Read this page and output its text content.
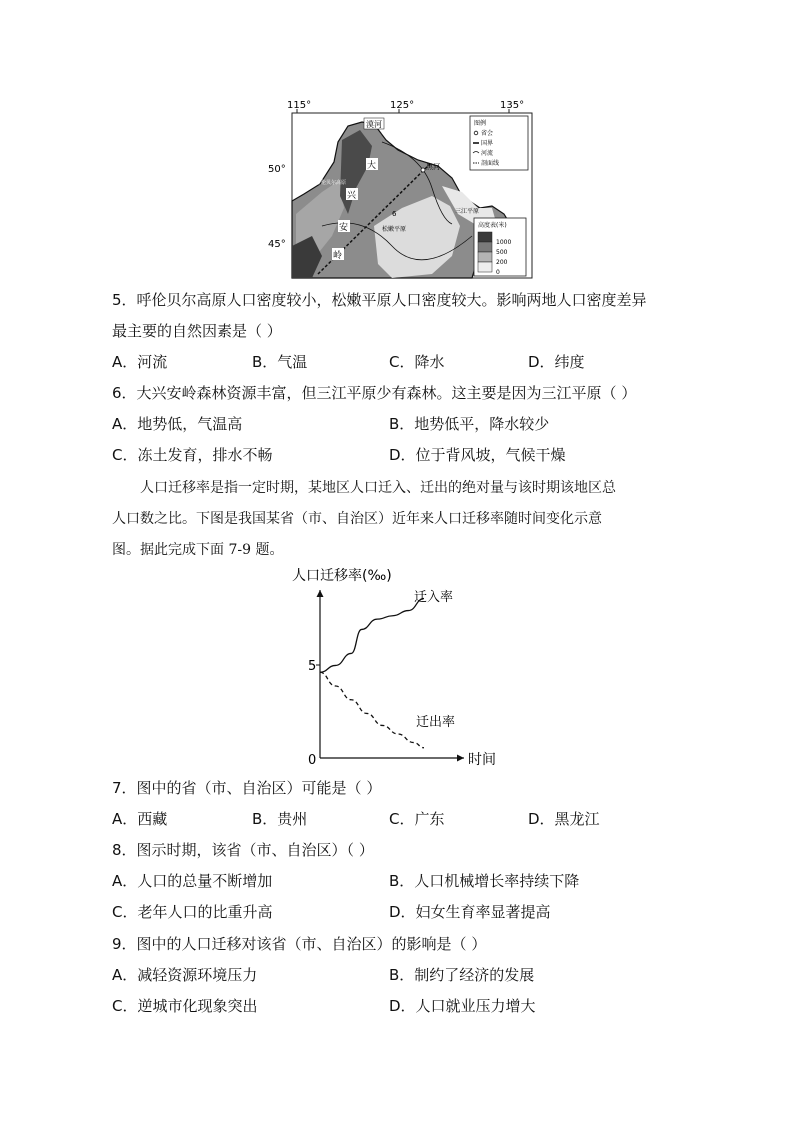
115°	125°	135°
50°
45°
漠河
大
兴
安
岭
黑河
呼伦贝尔高原
松嫩平原
三江平原
6
图例
省会
国界
河流
剖面线
高度表(米)
1000
500
200
0
5．呼伦贝尔高原人口密度较小，松嫩平原人口密度较大。影响两地人口密度差异
最主要的自然因素是（ ）
A．河流	B．气温	C．降水	D．纬度
6．大兴安岭森林资源丰富，但三江平原少有森林。这主要是因为三江平原（ ）
A．地势低，气温高	B．地势低平，降水较少
C．冻土发育，排水不畅	D．位于背风坡，气候干燥
人口迁移率是指一定时期，某地区人口迁入、迁出的绝对量与该时期该地区总
人口数之比。下图是我国某省（市、自治区）近年来人口迁移率随时间变化示意
图。据此完成下面 7-9 题。
人口迁移率(‰)
时间
5
0
迁入率
迁出率
7．图中的省（市、自治区）可能是（ ）
A．西藏	B．贵州	C．广东	D．黑龙江
8．图示时期，该省（市、自治区）（ ）
A．人口的总量不断增加	B．人口机械增长率持续下降
C．老年人口的比重升高	D．妇女生育率显著提高
9．图中的人口迁移对该省（市、自治区）的影响是（ ）
A．减轻资源环境压力	B．制约了经济的发展
C．逆城市化现象突出	D．人口就业压力增大
